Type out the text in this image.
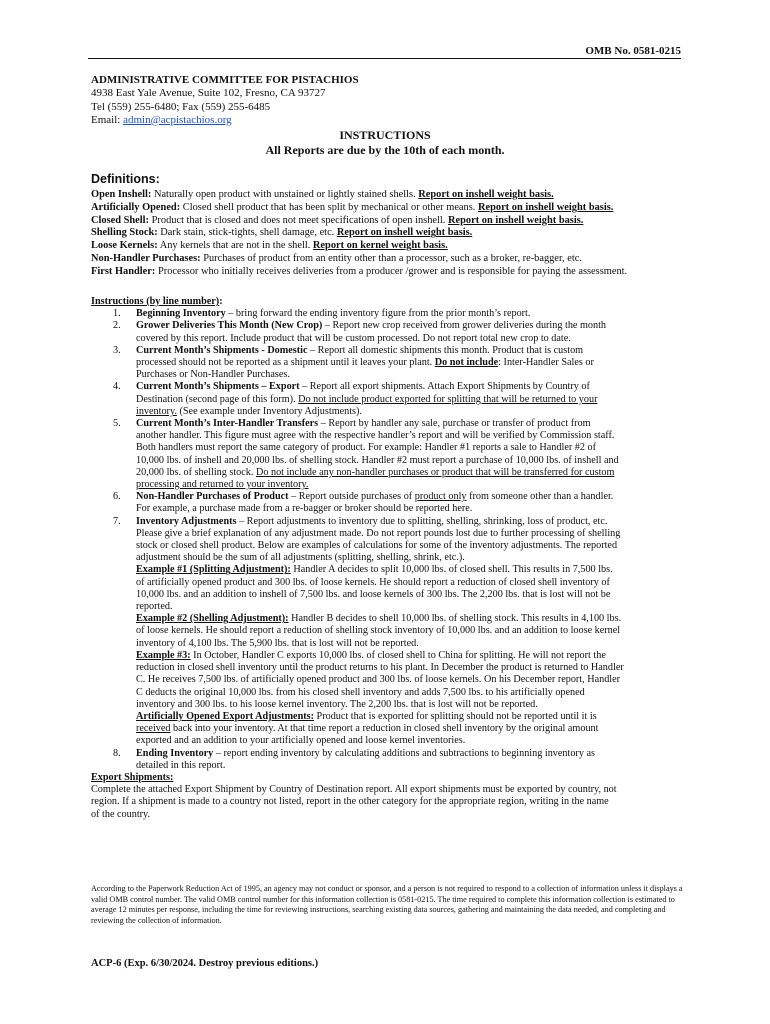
OMB No. 0581-0215
ADMINISTRATIVE COMMITTEE FOR PISTACHIOS
4938 East Yale Avenue, Suite 102, Fresno, CA 93727
Tel (559) 255-6480; Fax (559) 255-6485
Email: admin@acpistachios.org
INSTRUCTIONS
All Reports are due by the 10th of each month.
Definitions:
Open Inshell: Naturally open product with unstained or lightly stained shells. Report on inshell weight basis.
Artificially Opened: Closed shell product that has been split by mechanical or other means. Report on inshell weight basis.
Closed Shell: Product that is closed and does not meet specifications of open inshell. Report on inshell weight basis.
Shelling Stock: Dark stain, stick-tights, shell damage, etc. Report on inshell weight basis.
Loose Kernels: Any kernels that are not in the shell. Report on kernel weight basis.
Non-Handler Purchases: Purchases of product from an entity other than a processor, such as a broker, re-bagger, etc.
First Handler: Processor who initially receives deliveries from a producer /grower and is responsible for paying the assessment.
Instructions (by line number):
1. Beginning Inventory – bring forward the ending inventory figure from the prior month’s report.
2. Grower Deliveries This Month (New Crop) – Report new crop received from grower deliveries during the month
covered by this report. Include product that will be custom processed. Do not report total new crop to date.
3. Current Month’s Shipments - Domestic – Report all domestic shipments this month. Product that is custom
processed should not be reported as a shipment until it leaves your plant. Do not include: Inter-Handler Sales or
Purchases or Non-Handler Purchases.
4. Current Month’s Shipments – Export – Report all export shipments. Attach Export Shipments by Country of
Destination (second page of this form). Do not include product exported for splitting that will be returned to your
inventory. (See example under Inventory Adjustments).
5. Current Month’s Inter-Handler Transfers – Report by handler any sale, purchase or transfer of product from
another handler. This figure must agree with the respective handler’s report and will be verified by Commission staff.
Both handlers must report the same category of product. For example: Handler #1 reports a sale to Handler #2 of
10,000 lbs. of inshell and 20,000 lbs. of shelling stock. Handler #2 must report a purchase of 10,000 lbs. of inshell and
20,000 lbs. of shelling stock. Do not include any non-handler purchases or product that will be transferred for custom
processing and returned to your inventory.
6. Non-Handler Purchases of Product – Report outside purchases of product only from someone other than a handler.
For example, a purchase made from a re-bagger or broker should be reported here.
7. Inventory Adjustments – Report adjustments to inventory due to splitting, shelling, shrinking, loss of product, etc.
Please give a brief explanation of any adjustment made. Do not report pounds lost due to further processing of shelling
stock or closed shell product. Below are examples of calculations for some of the inventory adjustments. The reported
adjustment should be the sum of all adjustments (splitting, shelling, shrink, etc.).
Example #1 (Splitting Adjustment): Handler A decides to split 10,000 lbs. of closed shell. This results in 7,500 lbs.
of artificially opened product and 300 lbs. of loose kernels. He should report a reduction of closed shell inventory of
10,000 lbs. and an addition to inshell of 7,500 lbs. and loose kernels of 300 lbs. The 2,200 lbs. that is lost will not be
reported.
Example #2 (Shelling Adjustment): Handler B decides to shell 10,000 lbs. of shelling stock. This results in 4,100 lbs.
of loose kernels. He should report a reduction of shelling stock inventory of 10,000 lbs. and an addition to loose kernel
inventory of 4,100 lbs. The 5,900 lbs. that is lost will not be reported.
Example #3: In October, Handler C exports 10,000 lbs. of closed shell to China for splitting. He will not report the
reduction in closed shell inventory until the product returns to his plant. In December the product is returned to Handler
C. He receives 7,500 lbs. of artificially opened product and 300 lbs. of loose kernels. On his December report, Handler
C deducts the original 10,000 lbs. from his closed shell inventory and adds 7,500 lbs. to his artificially opened
inventory and 300 lbs. to his loose kernel inventory. The 2,200 lbs. that is lost will not be reported.
Artificially Opened Export Adjustments: Product that is exported for splitting should not be reported until it is
received back into your inventory. At that time report a reduction in closed shell inventory by the original amount
exported and an addition to your artificially opened and loose kernel inventories.
8. Ending Inventory – report ending inventory by calculating additions and subtractions to beginning inventory as
detailed in this report.
Export Shipments:
Complete the attached Export Shipment by Country of Destination report. All export shipments must be exported by country, not
region. If a shipment is made to a country not listed, report in the other category for the appropriate region, writing in the name
of the country.
According to the Paperwork Reduction Act of 1995, an agency may not conduct or sponsor, and a person is not required to respond to a collection of information unless it displays a valid OMB control number. The valid OMB control number for this information collection is 0581-0215. The time required to complete this information collection is estimated to average 12 minutes per response, including the time for reviewing instructions, searching existing data sources, gathering and maintaining the data needed, and completing and reviewing the collection of information.
ACP-6 (Exp. 6/30/2024. Destroy previous editions.)
